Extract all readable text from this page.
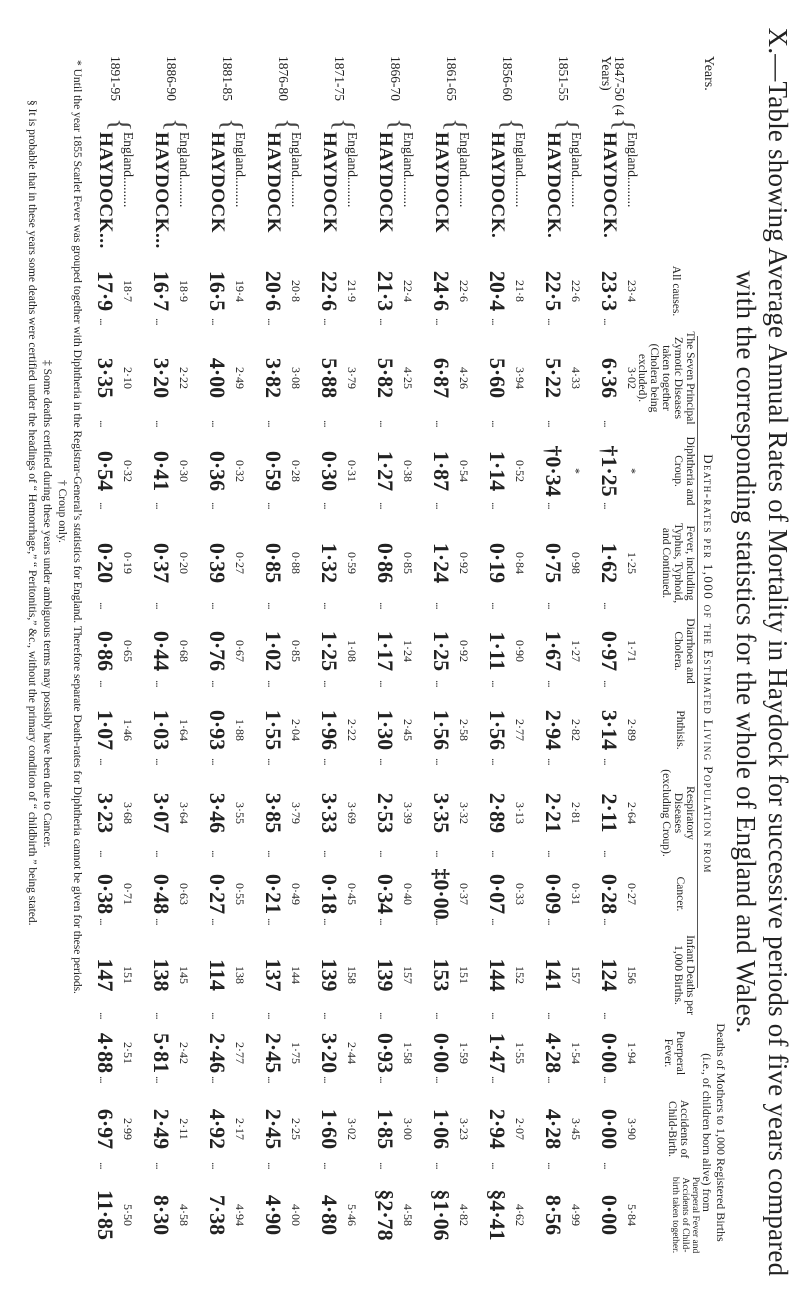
X.—Table showing Average Annual Rates of Mortality in Haydock for successive periods of five years compared with the corresponding statistics for the whole of England and Wales.
Death-rates per 1,000 of the Estimated Living Population from
Deaths of Mothers to 1,000 Registered Births (i.e., of children born alive) from
Years.
All causes.
The Seven Principal Zymotic Diseases taken together (Cholera being excluded).
Diphtheria and Croup.
Fever, including Typhus, Typhoid, and Continued.
Diarrhoea and Cholera.
Phthisis.
Respiratory Diseases (excluding Croup).
Cancer.
Infant Deaths per 1,000 Births.
Puerperal Fever.
Accidents of Child-Birth.
Puerperal Fever and Accidents of Child-birth taken together.
1847-50 (4 Years)
{
England.........
HAYDOCK.
23·4
3·02
*
1·25
1·71
2·89
2·64
0·27
156
1·94
3·90
5·84
23·3
...
6·36
...
†1·25
...
1·62
...
0·97
...
3·14
...
2·11
...
0·28
...
124
...
0·00
...
0·00
...
0·00
1851-55
{
England.........
HAYDOCK.
22·6
4·33
*
0·98
1·27
2·82
2·81
0·31
157
1·54
3·45
4·99
22·5
...
5·22
...
†0·34
...
0·75
...
1·67
...
2·94
...
2·21
...
0·09
...
141
...
4·28
...
4·28
...
8·56
1856-60
{
England.........
HAYDOCK.
21·8
3·94
0·52
0·84
0·90
2·77
3·13
0·33
152
1·55
2·07
4·62
20·4
...
5·60
...
1·14
...
0·19
...
1·11
...
1·56
...
2·89
...
0·07
...
144
...
1·47
...
2·94
...
§4·41
1861-65
{
England.........
HAYDOCK
22·6
4·26
0·54
0·92
0·92
2·58
3·32
0·37
151
1·59
3·23
4·82
24·6
...
6·87
...
1·87
...
1·24
...
1·25
...
1·56
...
3·35
...
‡0·00
...
153
...
0·00
...
1·06
...
§1·06
1866-70
{
England.........
HAYDOCK
22·4
4·25
0·38
0·85
1·24
2·45
3·39
0·40
157
1·58
3·00
4·58
21·3
...
5·82
...
1·27
...
0·86
...
1·17
...
1·30
...
2·53
...
0·34
...
139
...
0·93
...
1·85
...
§2·78
1871-75
{
England.........
HAYDOCK
21·9
3·79
0·31
0·59
1·08
2·22
3·69
0·45
158
2·44
3·02
5·46
22·6
...
5·88
...
0·30
...
1·32
...
1·25
...
1·96
...
3·33
...
0·18
...
139
...
3·20
...
1·60
...
4·80
1876-80
{
England.........
HAYDOCK
20·8
3·08
0·28
0·88
0·85
2·04
3·79
0·49
144
1·75
2·25
4·00
20·6
...
3·82
...
0·59
...
0·85
...
1·02
...
1·55
...
3·85
...
0·21
...
137
...
2·45
...
2·45
...
4·90
1881-85
{
England.........
HAYDOCK
19·4
2·49
0·32
0·27
0·67
1·88
3·55
0·55
138
2·77
2·17
4·94
16·5
...
4·00
...
0·36
...
0·39
...
0·76
...
0·93
...
3·46
...
0·27
...
114
...
2·46
...
4·92
...
7·38
1886-90
{
England.........
HAYDOCK...
18·9
2·22
0·30
0·20
0·68
1·64
3·64
0·63
145
2·42
2·11
4·58
16·7
...
3·20
...
0·41
...
0·37
...
0·44
...
1·03
...
3·07
...
0·48
...
138
...
5·81
...
2·49
...
8·30
1891-95
{
England.........
HAYDOCK...
18·7
2·10
0·32
0·19
0·65
1·46
3·68
0·71
151
2·51
2·99
5·50
17·9
...
3·35
...
0·54
...
0·20
...
0·86
...
1·07
...
3·23
...
0·38
...
147
...
4·88
...
6·97
...
11·85
* Until the year 1855 Scarlet Fever was grouped together with Diphtheria in the Registrar-General’s statistics for England. Therefore separate Death-rates for Diphtheria cannot be given for these periods.
† Croup only.
‡ Some deaths certified during these years under ambiguous terms may possibly have been due to Cancer.
§ It is probable that in these years some deaths were certified under the headings of “ Hemorrhage,” “ Peritonitis,” &c., without the primary condition of “ childbirth ” being stated.
